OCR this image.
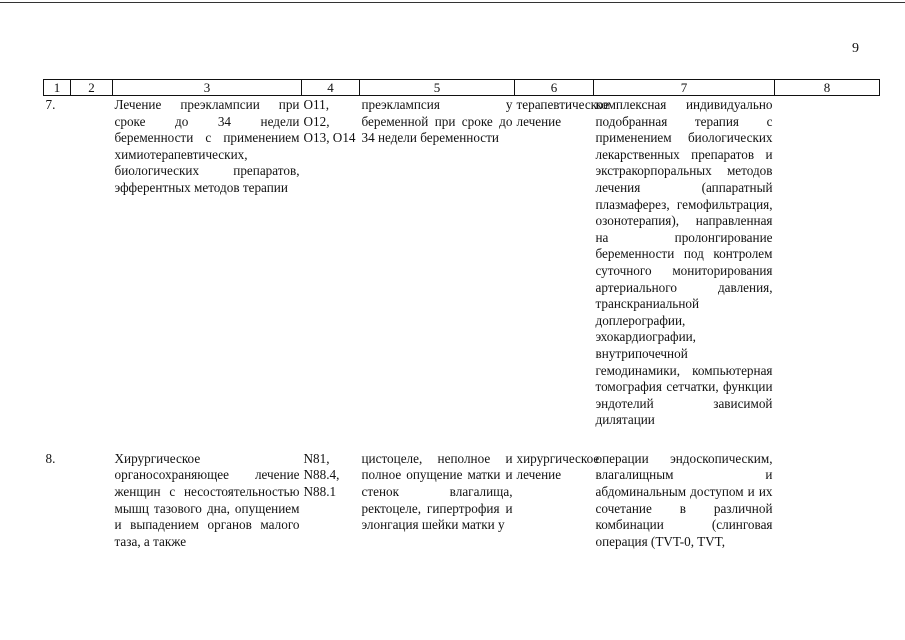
9
1	2	3	4	5	6	7	8
7.		Лечение преэклампсии при сроке до 34 недели беременности с применением химиотерапевтических, биологических препаратов, эфферентных методов терапии	O11, O12, O13, O14	преэклампсия у беременной при сроке до 34 недели беременности	терапевтическое лечение	комплексная индивидуально подобранная терапия с применением биологических лекарственных препаратов и экстракорпоральных методов лечения (аппаратный плазмаферез, гемофильтрация, озонотерапия), направленная на пролонгирование беременности под контролем суточного мониторирования артериального давления, транскраниальной доплерографии, эхокардиографии, внутрипочечной гемодинамики, компьютерная томография сетчатки, функции эндотелий зависимой дилятации	

8.		Хирургическое органосохраняющее лечение женщин с несостоятельностью мышц тазового дна, опущением и выпадением органов малого таза, а также	N81, N88.4, N88.1	цистоцеле, неполное и полное опущение матки и стенок влагалища, ректоцеле, гипертрофия и элонгация шейки матки у	хирургическое лечение	операции эндоскопическим, влагалищным и абдоминальным доступом и их сочетание в различной комбинации (слинговая операция (TVT-0, TVT,	
